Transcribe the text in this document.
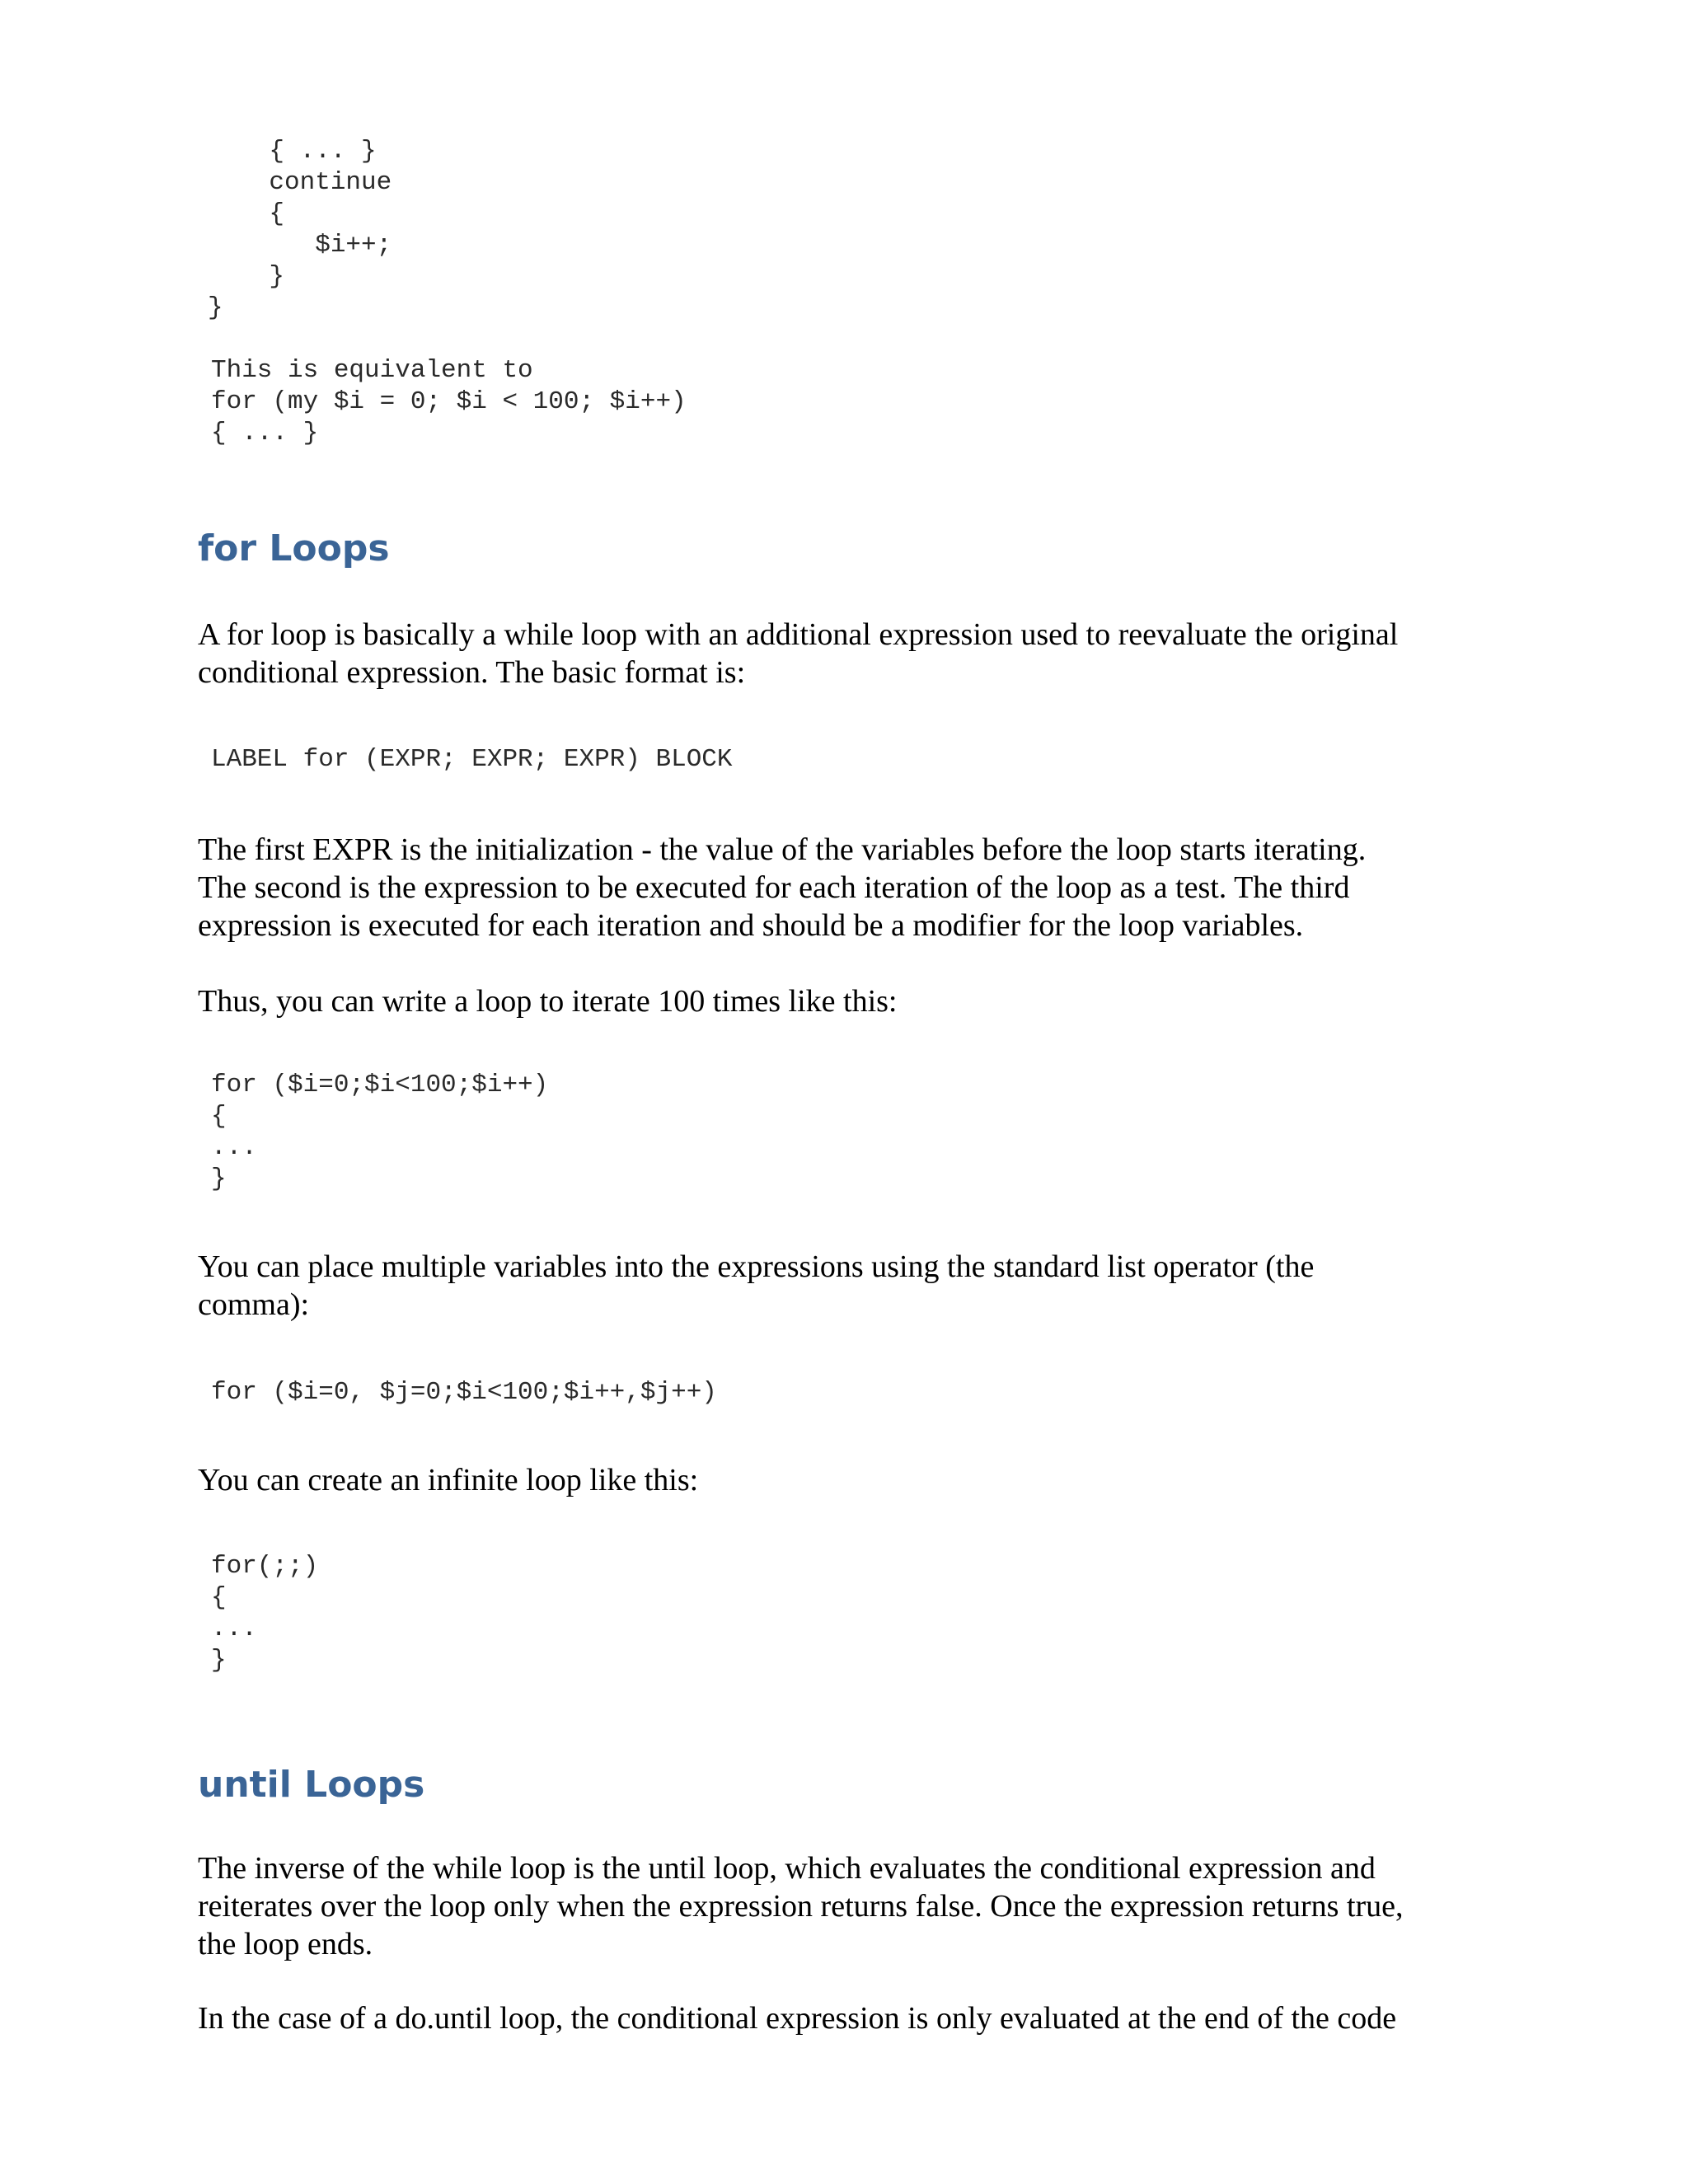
{ ... }
continue
{
$i++;
}
}
This is equivalent to
for (my $i = 0; $i < 100; $i++)
{ ... }
for Loops

A for loop is basically a while loop with an additional expression used to reevaluate the original
conditional expression. The basic format is:

LABEL for (EXPR; EXPR; EXPR) BLOCK

The first EXPR is the initialization - the value of the variables before the loop starts iterating.
The second is the expression to be executed for each iteration of the loop as a test. The third
expression is executed for each iteration and should be a modifier for the loop variables.

Thus, you can write a loop to iterate 100 times like this:

for ($i=0;$i<100;$i++)
{
...
}

You can place multiple variables into the expressions using the standard list operator (the
comma):

for ($i=0, $j=0;$i<100;$i++,$j++)

You can create an infinite loop like this:

for(;;)
{
...
}
until Loops

The inverse of the while loop is the until loop, which evaluates the conditional expression and
reiterates over the loop only when the expression returns false. Once the expression returns true,
the loop ends.

In the case of a do.until loop, the conditional expression is only evaluated at the end of the code
